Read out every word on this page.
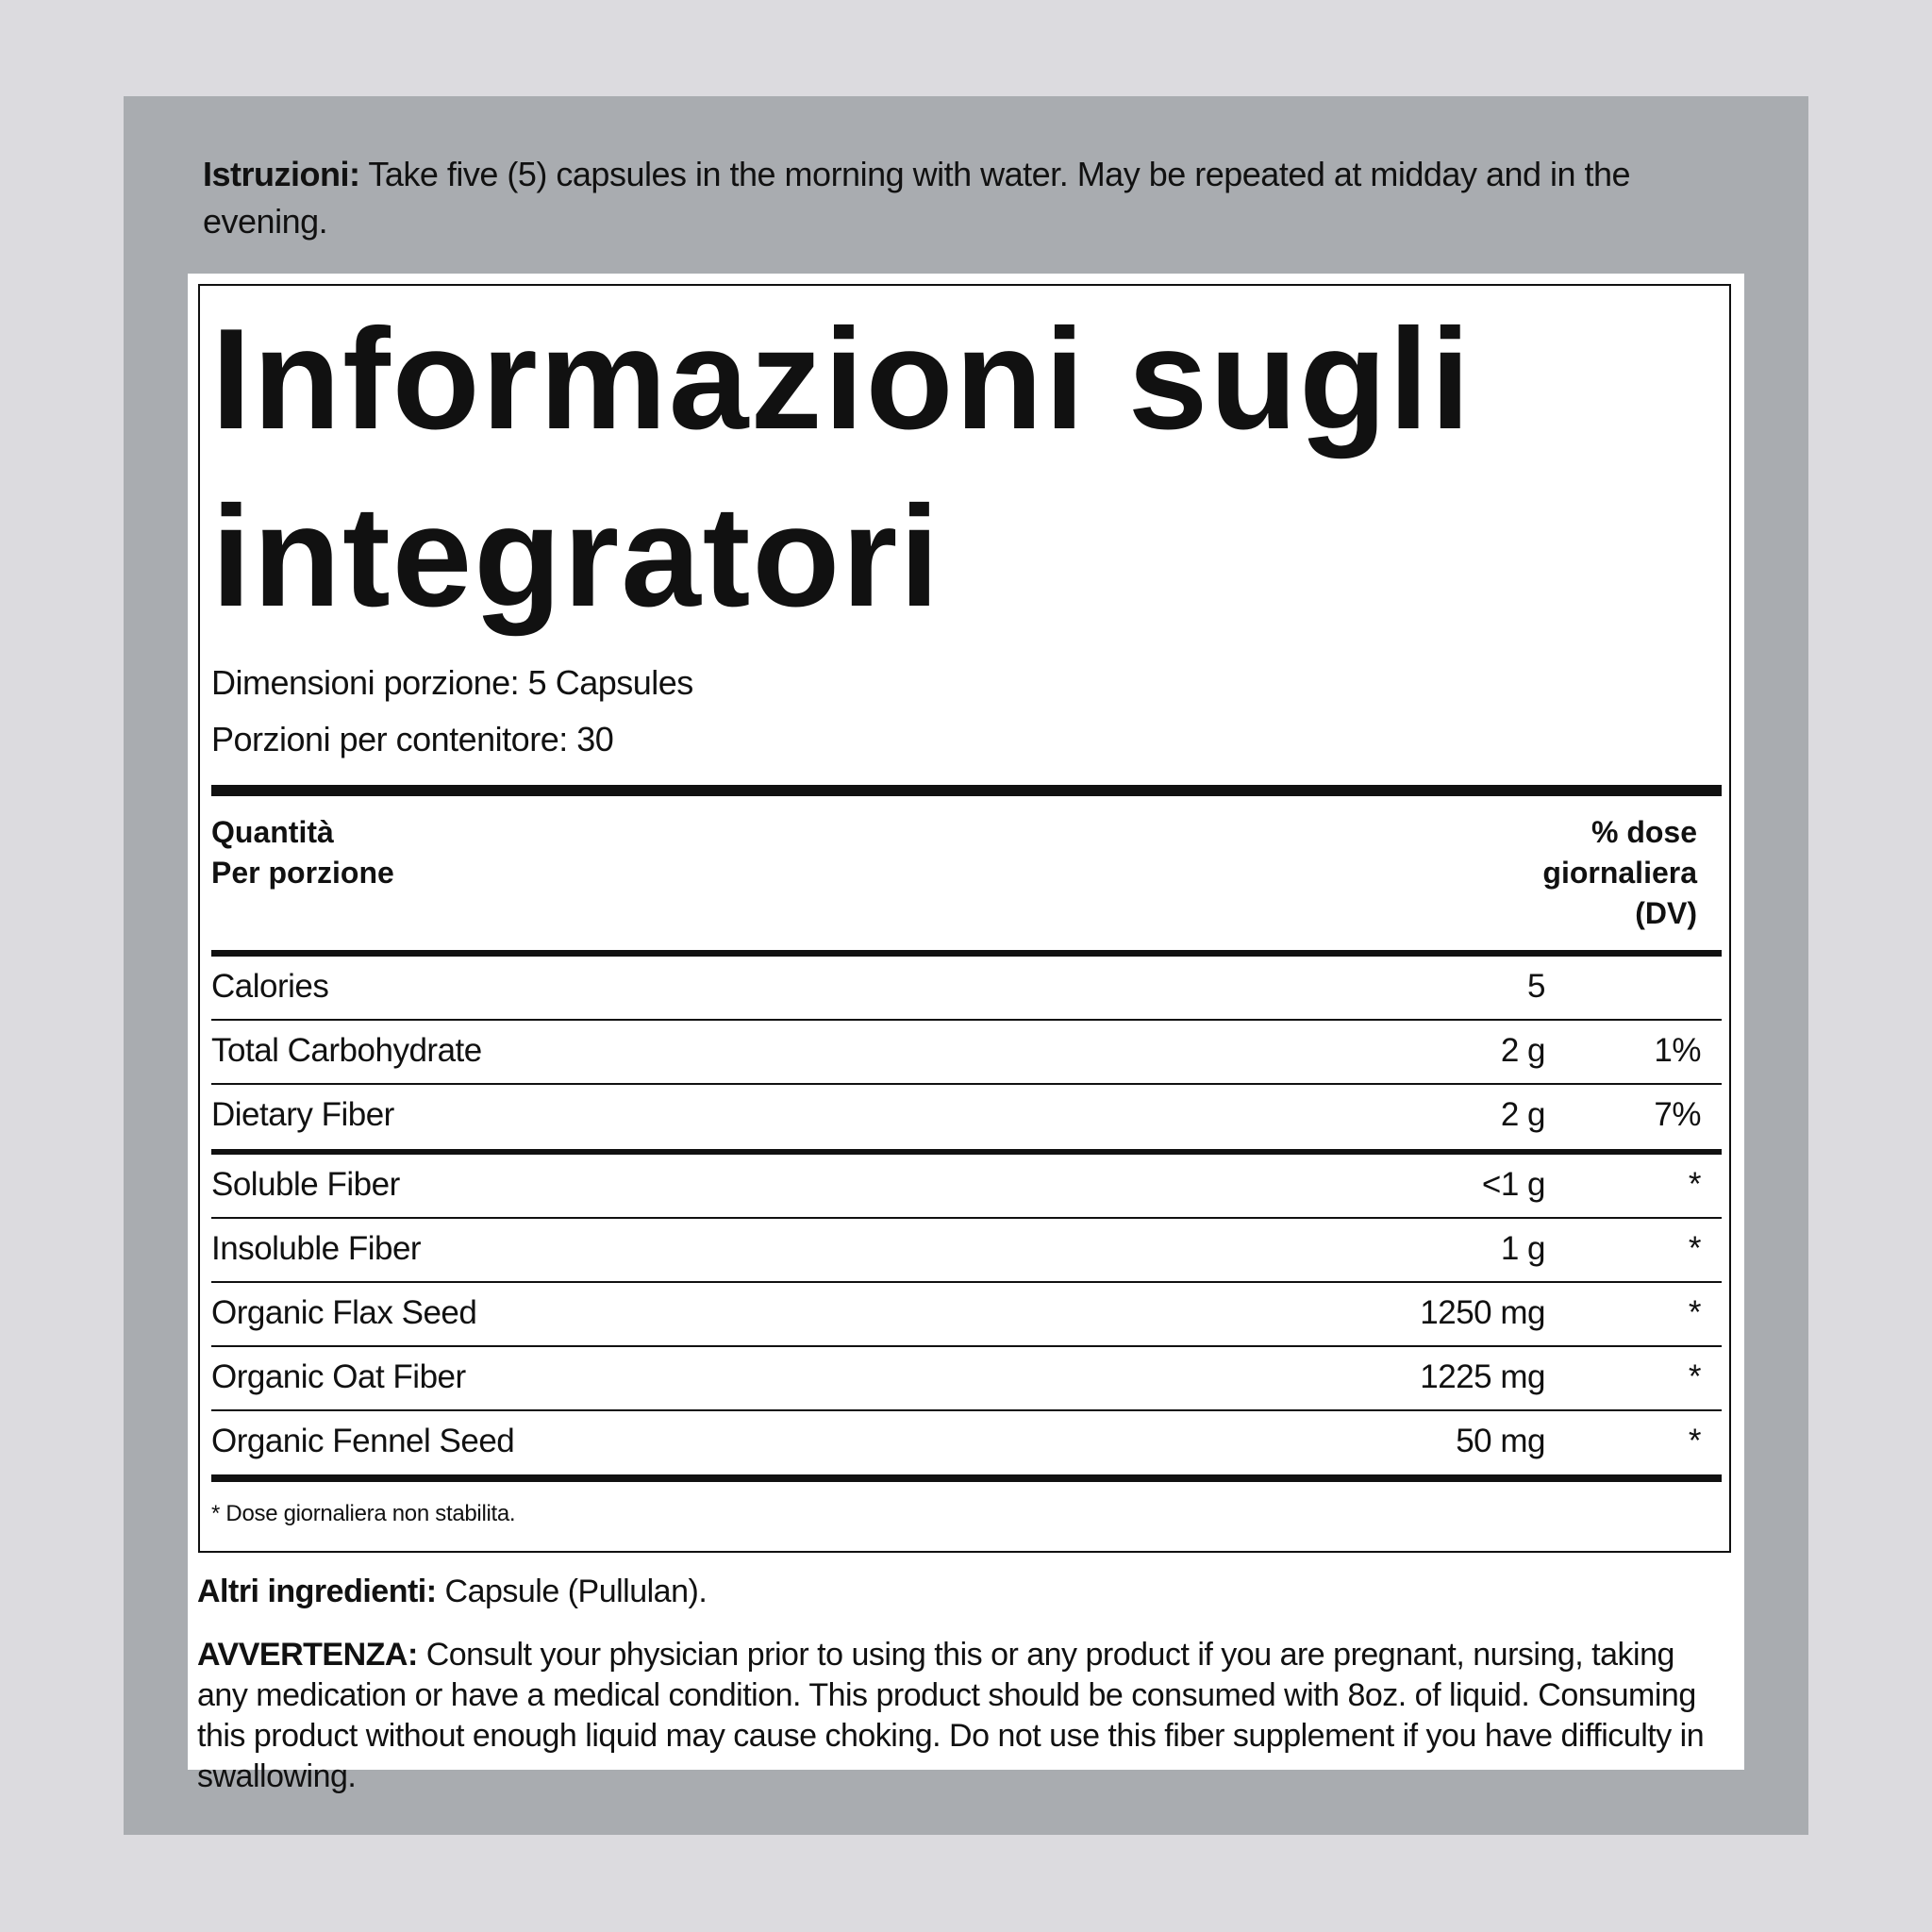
Istruzioni: Take five (5) capsules in the morning with water. May be repeated at midday and in the evening.
Informazioni sugli integratori
Dimensioni porzione: 5 Capsules
Porzioni per contenitore: 30
Quantità
Per porzione
% dose
giornaliera
(DV)
Calories	5
Total Carbohydrate	2 g	1%
Dietary Fiber	2 g	7%
Soluble Fiber	<1 g	*
Insoluble Fiber	1 g	*
Organic Flax Seed	1250 mg	*
Organic Oat Fiber	1225 mg	*
Organic Fennel Seed	50 mg	*
* Dose giornaliera non stabilita.
Altri ingredienti: Capsule (Pullulan).
AVVERTENZA: Consult your physician prior to using this or any product if you are pregnant, nursing, taking any medication or have a medical condition. This product should be consumed with 8oz. of liquid. Consuming this product without enough liquid may cause choking. Do not use this fiber supplement if you have difficulty in swallowing.
